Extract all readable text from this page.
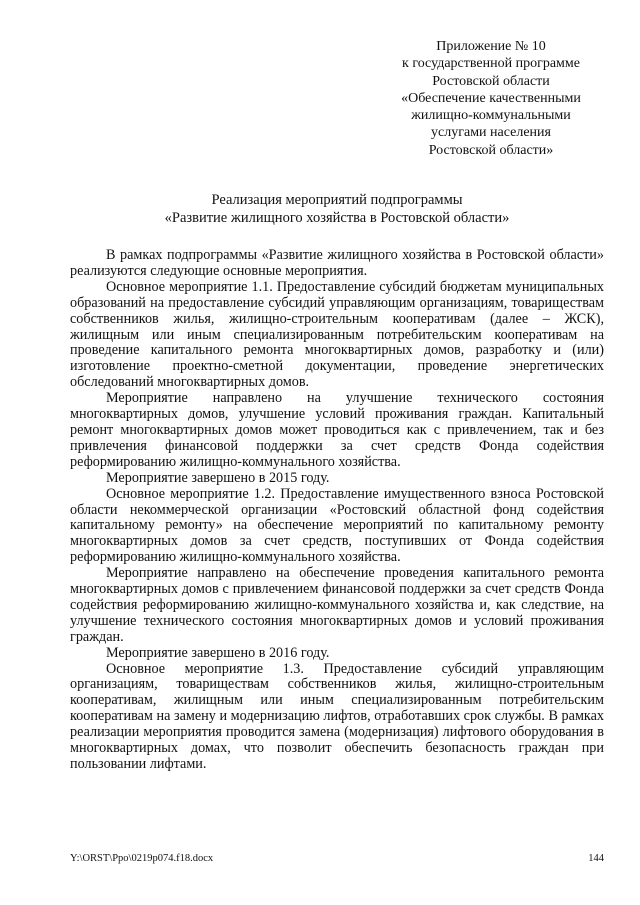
Приложение № 10
к государственной программе
Ростовской области
«Обеспечение качественными
жилищно-коммунальными
услугами населения
Ростовской области»
Реализация мероприятий подпрограммы
«Развитие жилищного хозяйства в Ростовской области»

В рамках подпрограммы «Развитие жилищного хозяйства в Ростовской области» реализуются следующие основные мероприятия.

Основное мероприятие 1.1. Предоставление субсидий бюджетам муниципальных образований на предоставление субсидий управляющим организациям, товариществам собственников жилья, жилищно-строительным кооперативам (далее – ЖСК), жилищным или иным специализированным потребительским кооперативам на проведение капитального ремонта многоквартирных домов, разработку и (или) изготовление проектно-сметной документации, проведение энергетических обследований многоквартирных домов.

Мероприятие направлено на улучшение технического состояния многоквартирных домов, улучшение условий проживания граждан. Капитальный ремонт многоквартирных домов может проводиться как с привлечением, так и без привлечения финансовой поддержки за счет средств Фонда содействия реформированию жилищно-коммунального хозяйства.

Мероприятие завершено в 2015 году.

Основное мероприятие 1.2. Предоставление имущественного взноса Ростовской области некоммерческой организации «Ростовский областной фонд содействия капитальному ремонту» на обеспечение мероприятий по капитальному ремонту многоквартирных домов за счет средств, поступивших от Фонда содействия реформированию жилищно-коммунального хозяйства.

Мероприятие направлено на обеспечение проведения капитального ремонта многоквартирных домов с привлечением финансовой поддержки за счет средств Фонда содействия реформированию жилищно-коммунального хозяйства и, как следствие, на улучшение технического состояния многоквартирных домов и условий проживания граждан.

Мероприятие завершено в 2016 году.

Основное мероприятие 1.3. Предоставление субсидий управляющим организациям, товариществам собственников жилья, жилищно-строительным кооперативам, жилищным или иным специализированным потребительским кооперативам на замену и модернизацию лифтов, отработавших срок службы. В рамках реализации мероприятия проводится замена (модернизация) лифтового оборудования в многоквартирных домах, что позволит обеспечить безопасность граждан при пользовании лифтами.

Y:\ORST\Ppo\0219p074.f18.docx	144
